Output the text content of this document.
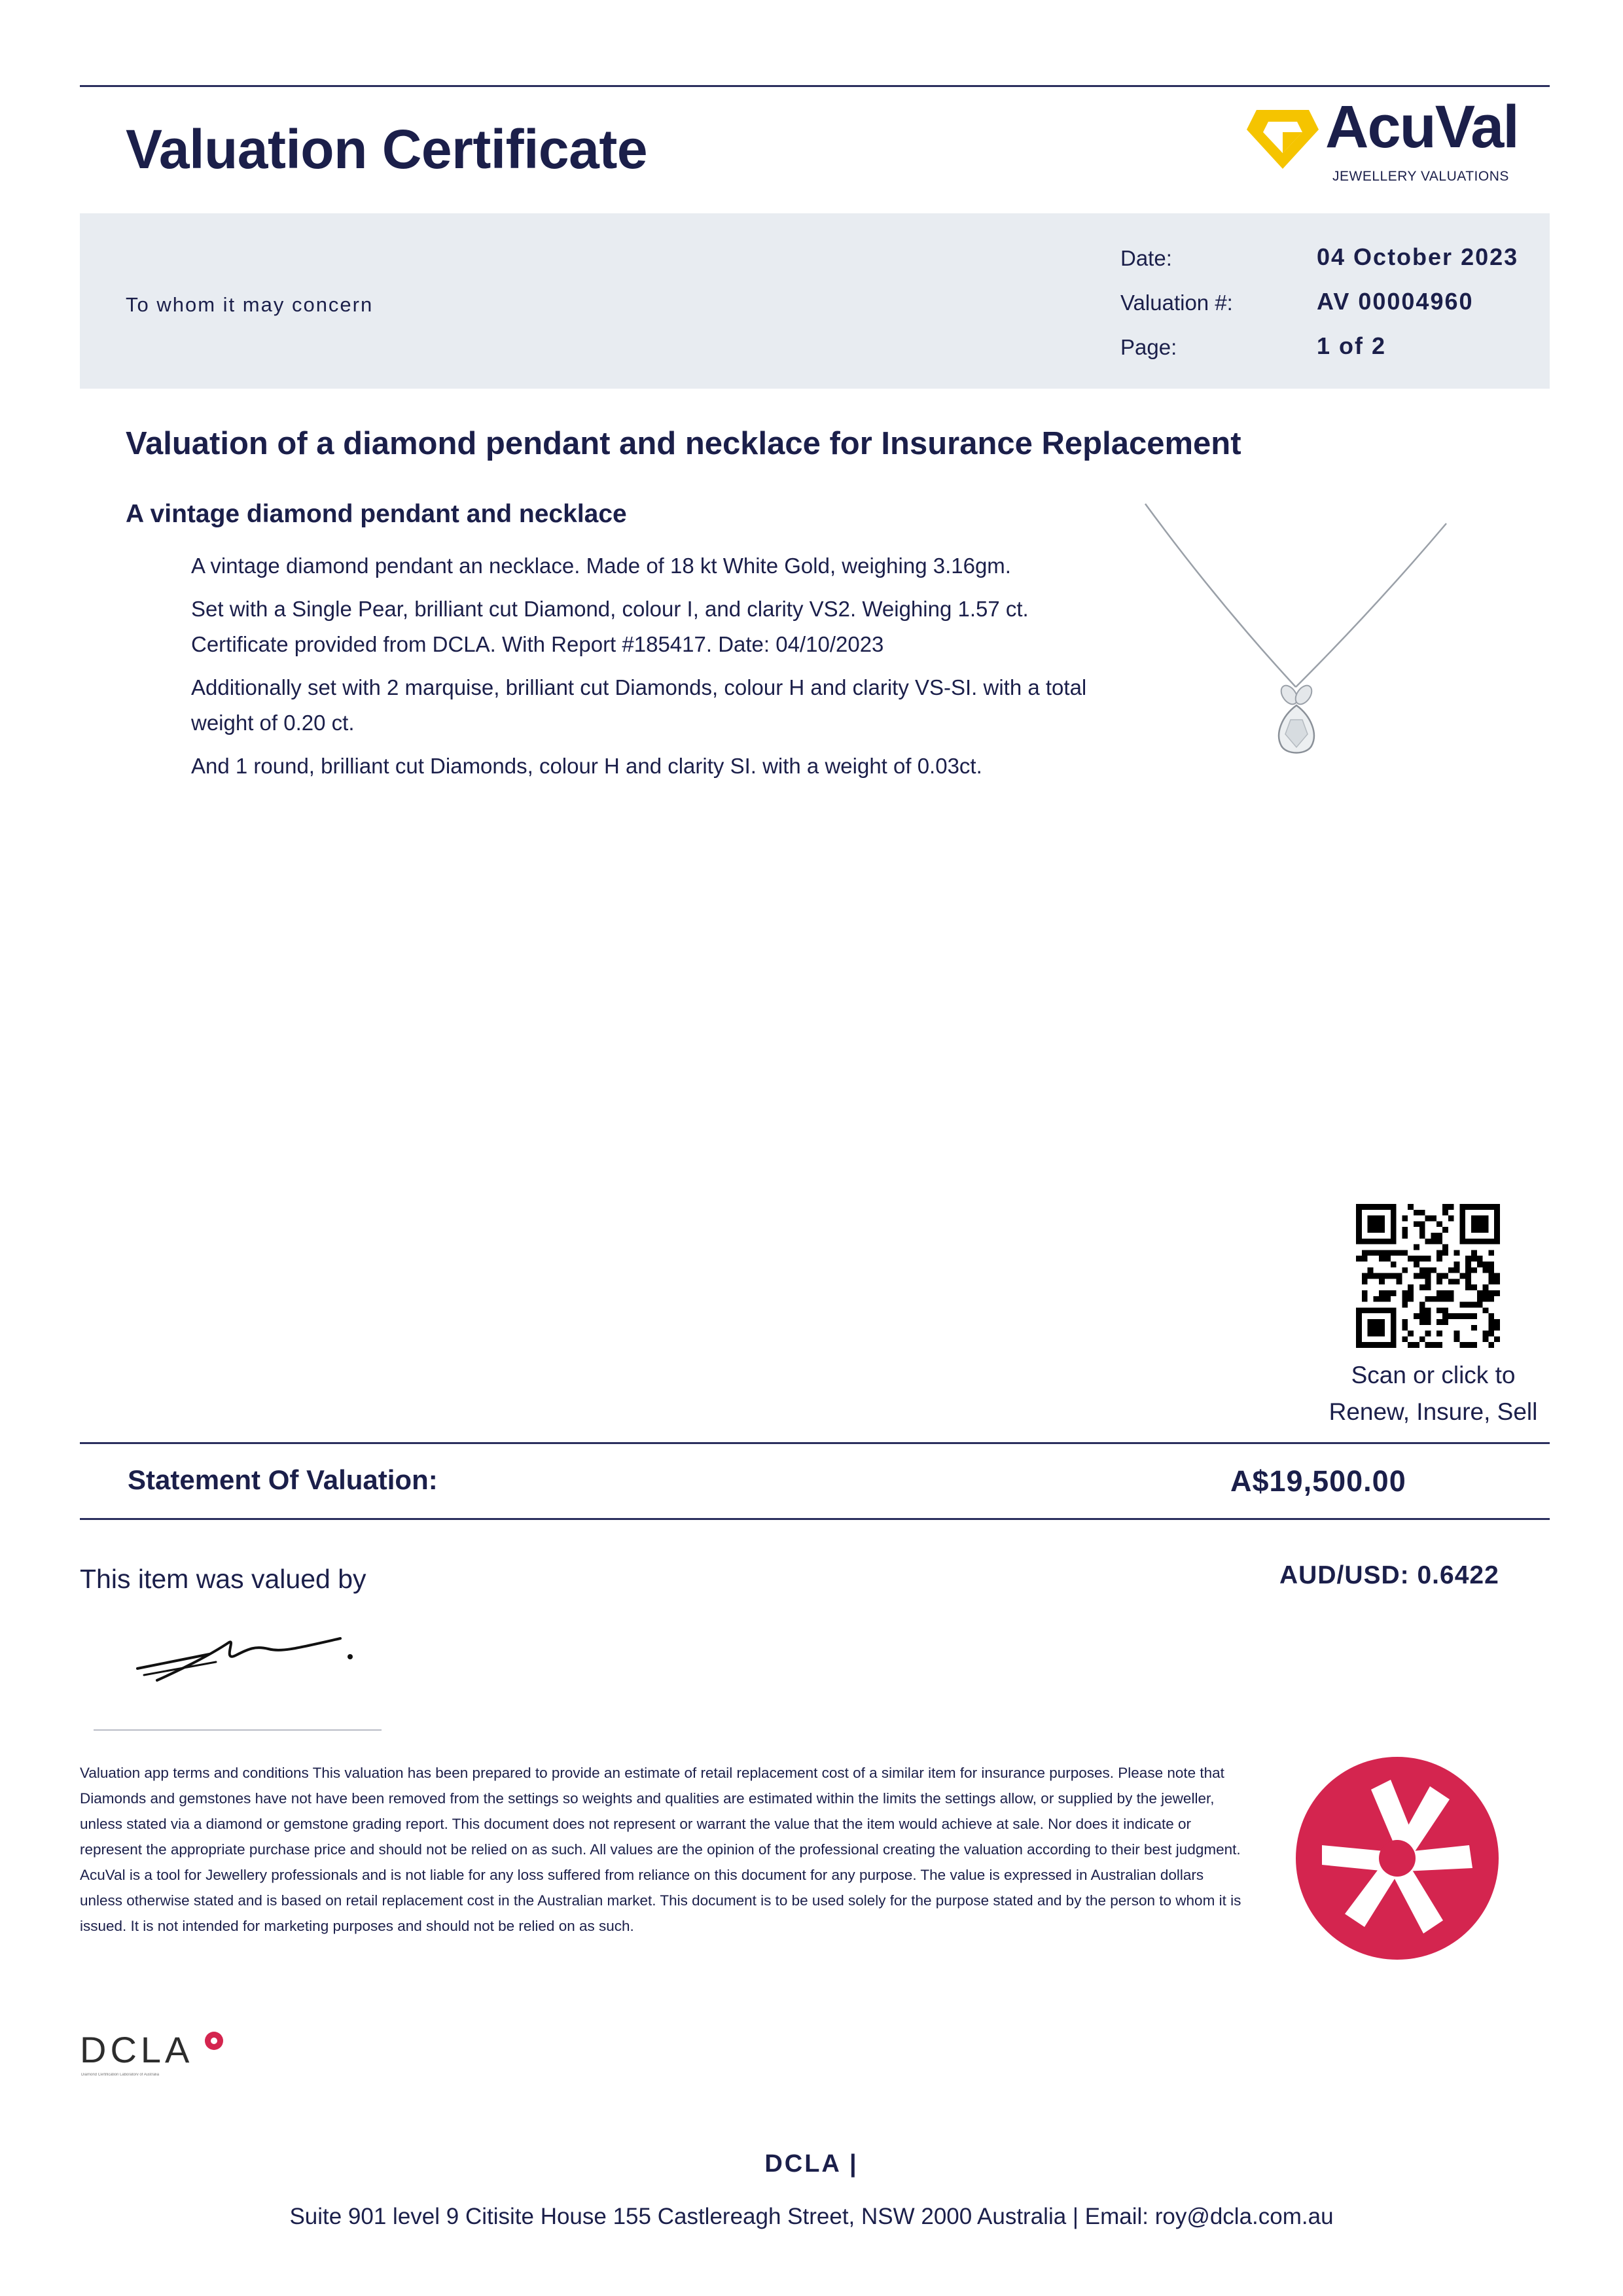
Valuation Certificate	AcuVal
JEWELLERY VALUATIONS
To whom it may concern
Date:	04 October 2023
Valuation #:	AV 00004960
Page:	1 of 2
Valuation of a diamond pendant and necklace for Insurance Replacement
A vintage diamond pendant and necklace

A vintage diamond pendant an necklace. Made of 18 kt White Gold, weighing 3.16gm.

Set with a Single Pear, brilliant cut Diamond, colour I, and clarity VS2. Weighing 1.57 ct. Certificate provided from DCLA. With Report #185417. Date: 04/10/2023

Additionally set with 2 marquise, brilliant cut Diamonds, colour H and clarity VS-SI. with a total weight of 0.20 ct.

And 1 round, brilliant cut Diamonds, colour H and clarity SI. with a weight of 0.03ct.

Scan or click to
Renew, Insure, Sell
Statement Of Valuation:	A$19,500.00
This item was valued by	AUD/USD: 0.6422
Valuation app terms and conditions This valuation has been prepared to provide an estimate of retail replacement cost of a similar item for insurance purposes. Please note that Diamonds and gemstones have not have been removed from the settings so weights and qualities are estimated within the limits the settings allow, or supplied by the jeweller, unless stated via a diamond or gemstone grading report. This document does not represent or warrant the value that the item would achieve at sale. Nor does it indicate or represent the appropriate purchase price and should not be relied on as such. All values are the opinion of the professional creating the valuation according to their best judgment. AcuVal is a tool for Jewellery professionals and is not liable for any loss suffered from reliance on this document for any purpose. The value is expressed in Australian dollars unless otherwise stated and is based on retail replacement cost in the Australian market. This document is to be used solely for the purpose stated and by the person to whom it is issued. It is not intended for marketing purposes and should not be relied on as such.
DCLA
Diamond Certification Laboratory of Australia
DCLA |
Suite 901 level 9 Citisite House 155 Castlereagh Street, NSW 2000 Australia | Email: roy@dcla.com.au
